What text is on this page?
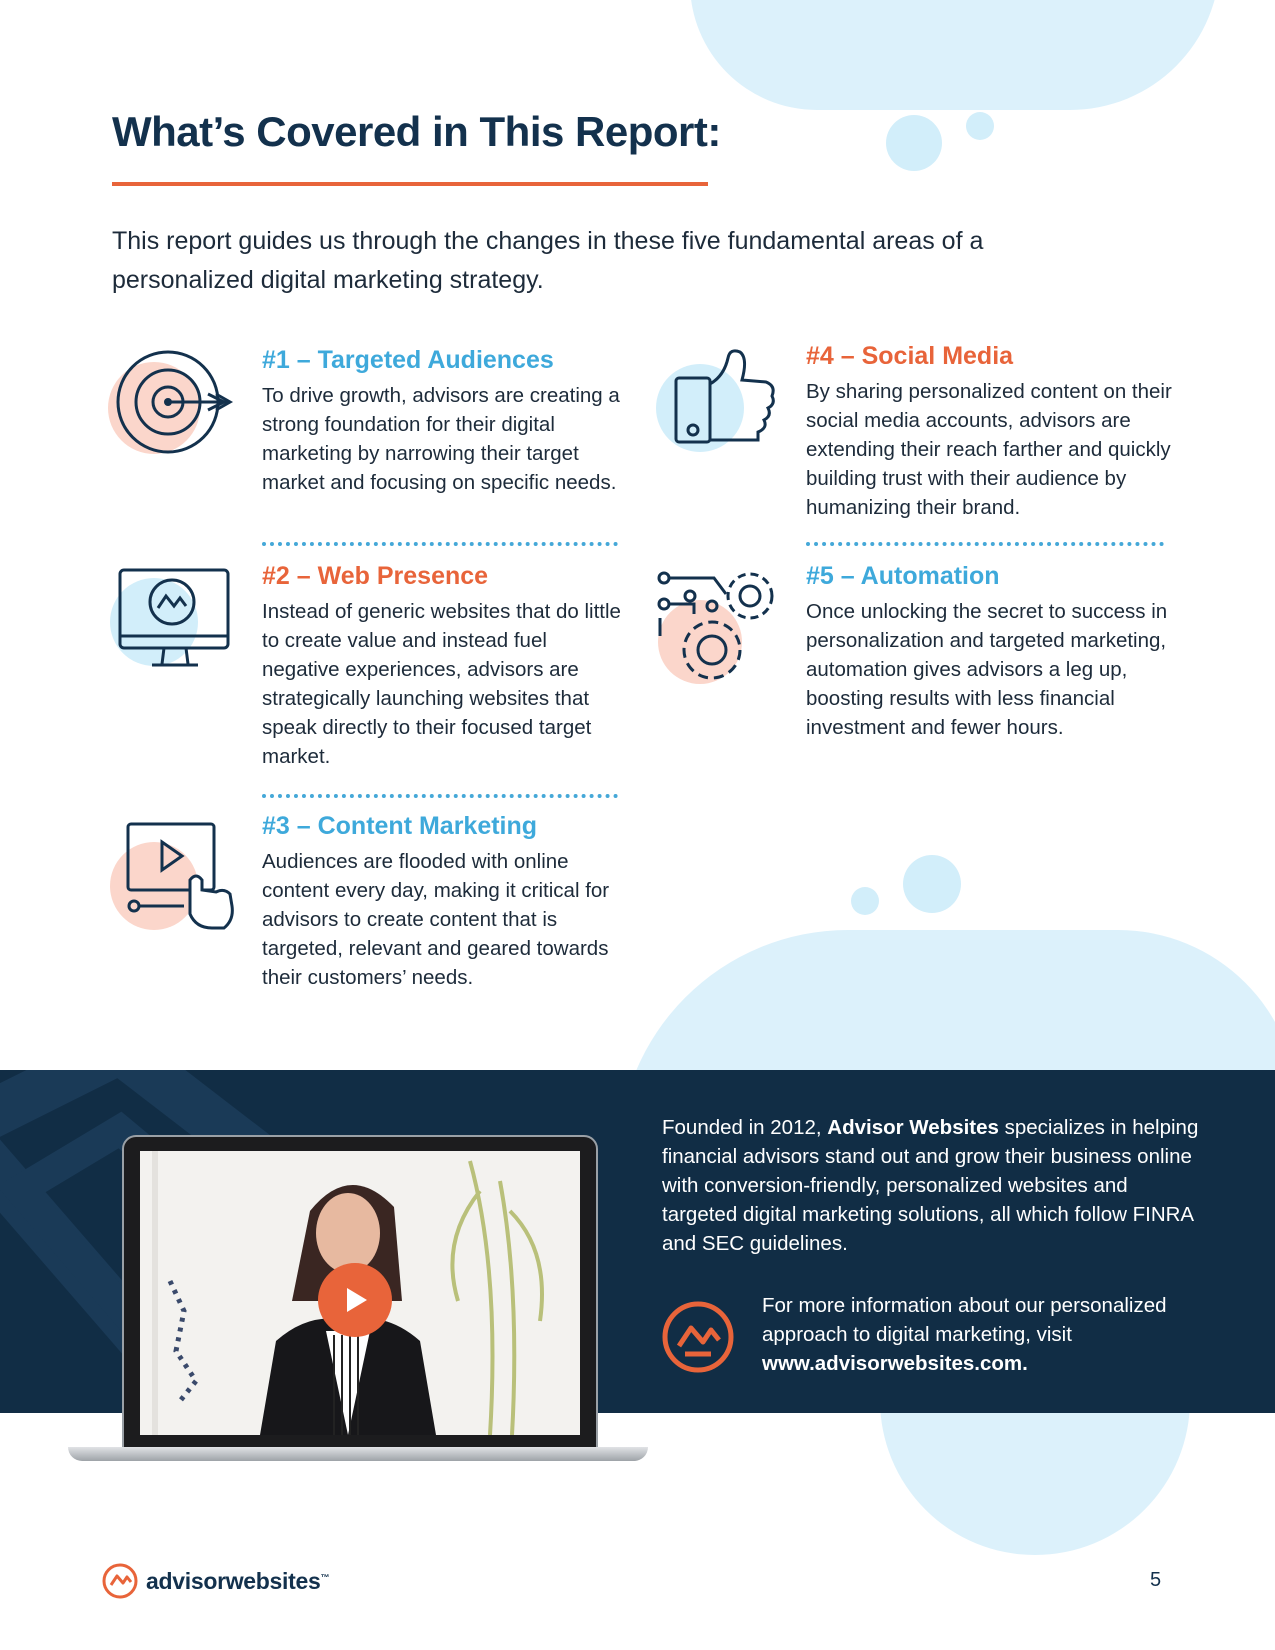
What’s Covered in This Report:

This report guides us through the changes in these five fundamental areas of a personalized digital marketing strategy.

#1 – Targeted Audiences

To drive growth, advisors are creating a strong foundation for their digital marketing by narrowing their target market and focusing on specific needs.

#2 – Web Presence

Instead of generic websites that do little to create value and instead fuel negative experiences, advisors are strategically launching websites that speak directly to their focused target market.

#3 – Content Marketing

Audiences are flooded with online content every day, making it critical for advisors to create content that is targeted, relevant and geared towards their customers’ needs.

#4 – Social Media

By sharing personalized content on their social media accounts, advisors are extending their reach farther and quickly building trust with their audience by humanizing their brand.

#5 – Automation

Once unlocking the secret to success in personalization and targeted marketing, automation gives advisors a leg up, boosting results with less financial investment and fewer hours.

Founded in 2012, Advisor Websites specializes in helping financial advisors stand out and grow their business online with conversion-friendly, personalized websites and targeted digital marketing solutions, all which follow FINRA and SEC guidelines.

For more information about our personalized approach to digital marketing, visit www.advisorwebsites.com.

advisorwebsites™	5
